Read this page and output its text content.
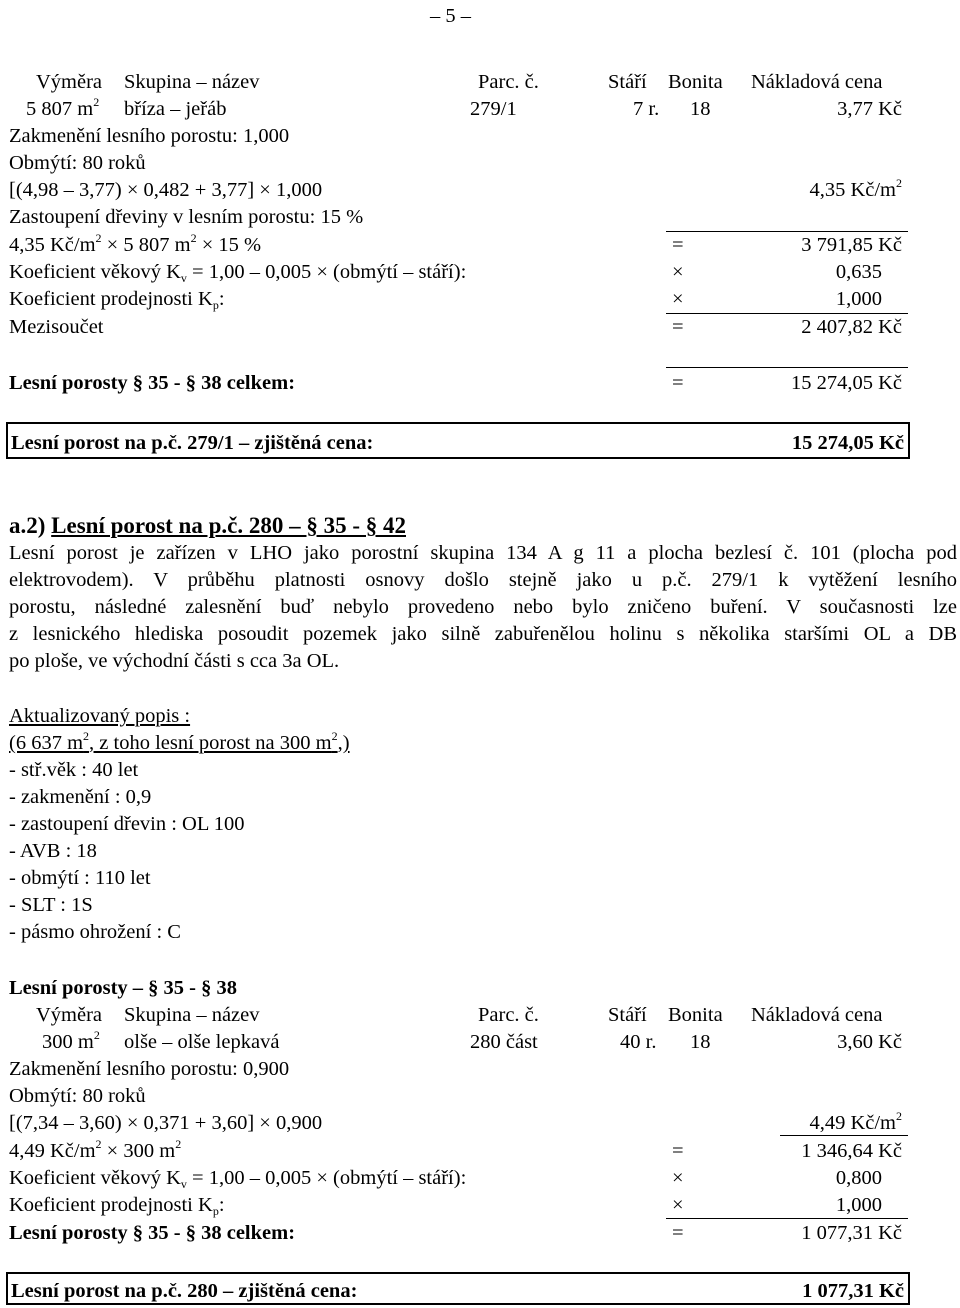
– 5 –
Výměra Skupina – název	Parc. č.	Stáří Bonita Nákladová cena
5 807 $m^2$ bříza – jeřáb	279/1	7 r. 18	3,77 Kč
Zakmenění lesního porostu: 1,000
Obmýtí: 80 roků
[(4,98 – 3,77) × 0,482 + 3,77] × 1,000	4,35 $Kč/m^2$
Zastoupení dřeviny v lesním porostu: 15 %
4,35 $Kč/m^2 \times 5$ 807 $m^2 \times 15$ %	=	3 791,85 Kč
Koeficient věkový $K_v = 1,00 - 0,005$ × (obmýtí – stáří):	×	0,635
Koeficient prodejnosti $K_p$:	×	1,000
Mezisoučet	=	2 407,82 Kč
Lesní porosty § 35 - § 38 celkem:	=	15 274,05 Kč
Lesní porost na p.č. 279/1 – zjištěná cena:	15 274,05 Kč
a.2) Lesní porost na p.č. 280 – § 35 - § 42
Lesní porost je zařízen v LHO jako porostní skupina 134 A g 11 a plocha bezlesí č. 101 (plocha pod
elektrovodem). V průběhu platnosti osnovy došlo stejně jako u p.č. 279/1 k vytěžení lesního
porostu, následné zalesnění buď nebylo provedeno nebo bylo zničeno buření. V současnosti lze
z lesnického hlediska posoudit pozemek jako silně zabuřenělou holinu s několika staršími OL a DB
po ploše, ve východní části s cca 3a OL.
Aktualizovaný popis :
(6 637 $m^2$, z toho lesní porost na 300 $m^2$,)
- stř.věk : 40 let
- zakmenění : 0,9
- zastoupení dřevin : OL 100
- AVB : 18
- obmýtí : 110 let
- SLT : 1S
- pásmo ohrožení : C
Lesní porosty – § 35 - § 38
Výměra Skupina – název	Parc. č.	Stáří Bonita Nákladová cena
300 $m^2$ olše – olše lepkavá	280 část	40 r. 18	3,60 Kč
Zakmenění lesního porostu: 0,900
Obmýtí: 80 roků
[(7,34 – 3,60) × 0,371 + 3,60] × 0,900	4,49 $Kč/m^2$
4,49 $Kč/m^2 \times 300$ $m^2$	=	1 346,64 Kč
Koeficient věkový $K_v = 1,00 - 0,005$ × (obmýtí – stáří):	×	0,800
Koeficient prodejnosti $K_p$:	×	1,000
Lesní porosty § 35 - § 38 celkem:	=	1 077,31 Kč
Lesní porost na p.č. 280 – zjištěná cena:	1 077,31 Kč
